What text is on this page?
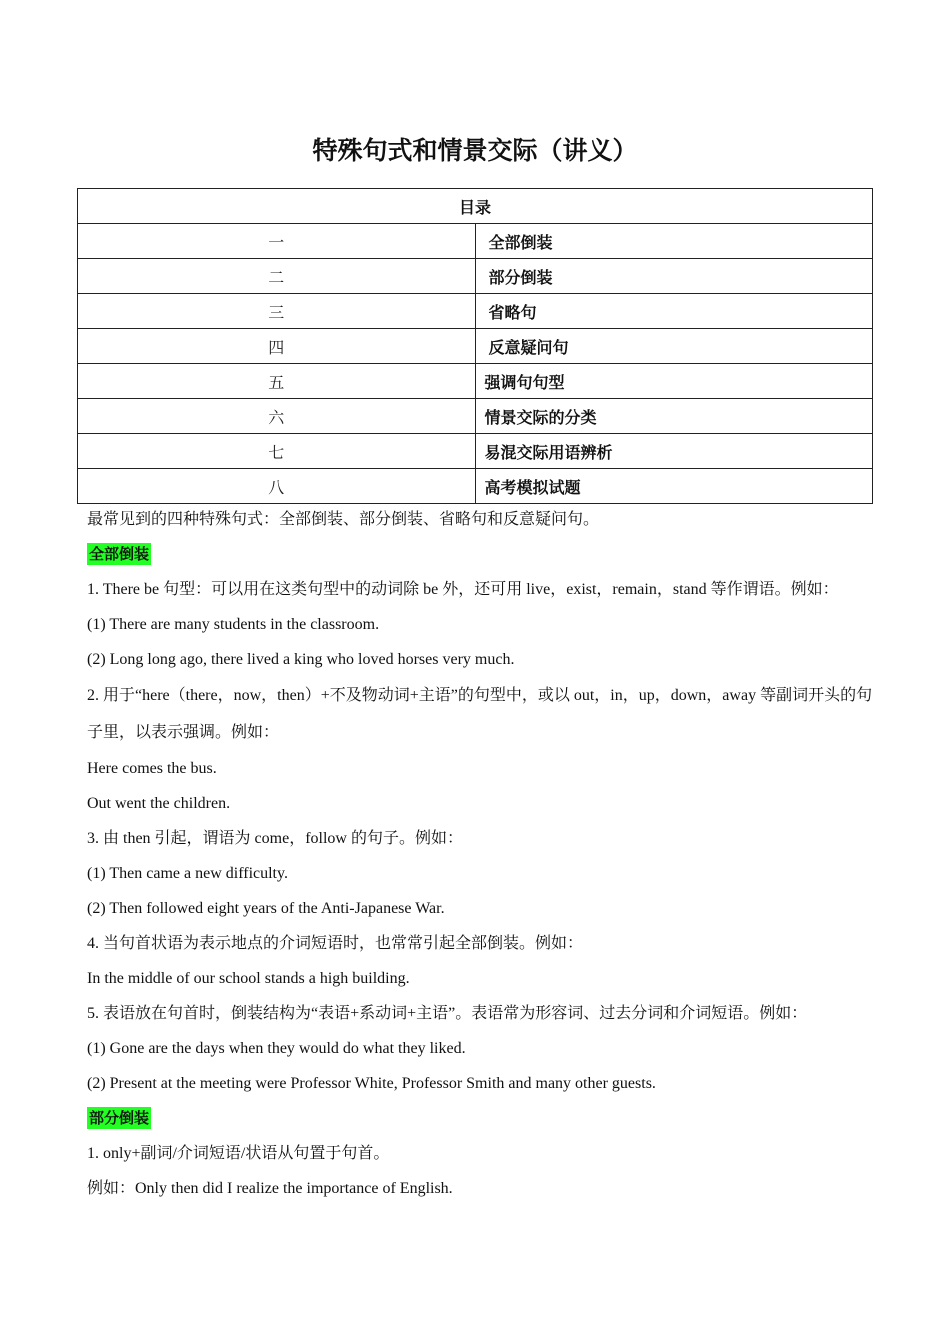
特殊句式和情景交际（讲义）
目录	
一	全部倒装
二	部分倒装
三	省略句
四	反意疑问句
五	强调句句型
六	情景交际的分类
七	易混交际用语辨析
八	高考模拟试题

最常见到的四种特殊句式：全部倒装、部分倒装、省略句和反意疑问句。

全部倒装

1. There be 句型：可以用在这类句型中的动词除 be 外，还可用 live，exist，remain，stand 等作谓语。例如：

(1) There are many students in the classroom.

(2) Long long ago, there lived a king who loved horses very much.

2. 用于“here（there，now，then）+不及物动词+主语”的句型中，或以 out，in，up，down，away 等副词开头的句子里，以表示强调。例如：

Here comes the bus.

Out went the children.

3. 由 then 引起，谓语为 come，follow 的句子。例如：

(1) Then came a new difficulty.

(2) Then followed eight years of the Anti-Japanese War.

4. 当句首状语为表示地点的介词短语时，也常常引起全部倒装。例如：

In the middle of our school stands a high building.

5. 表语放在句首时，倒装结构为“表语+系动词+主语”。表语常为形容词、过去分词和介词短语。例如：

(1) Gone are the days when they would do what they liked.

(2) Present at the meeting were Professor White, Professor Smith and many other guests.

部分倒装

1. only+副词/介词短语/状语从句置于句首。

例如：Only then did I realize the importance of English.
